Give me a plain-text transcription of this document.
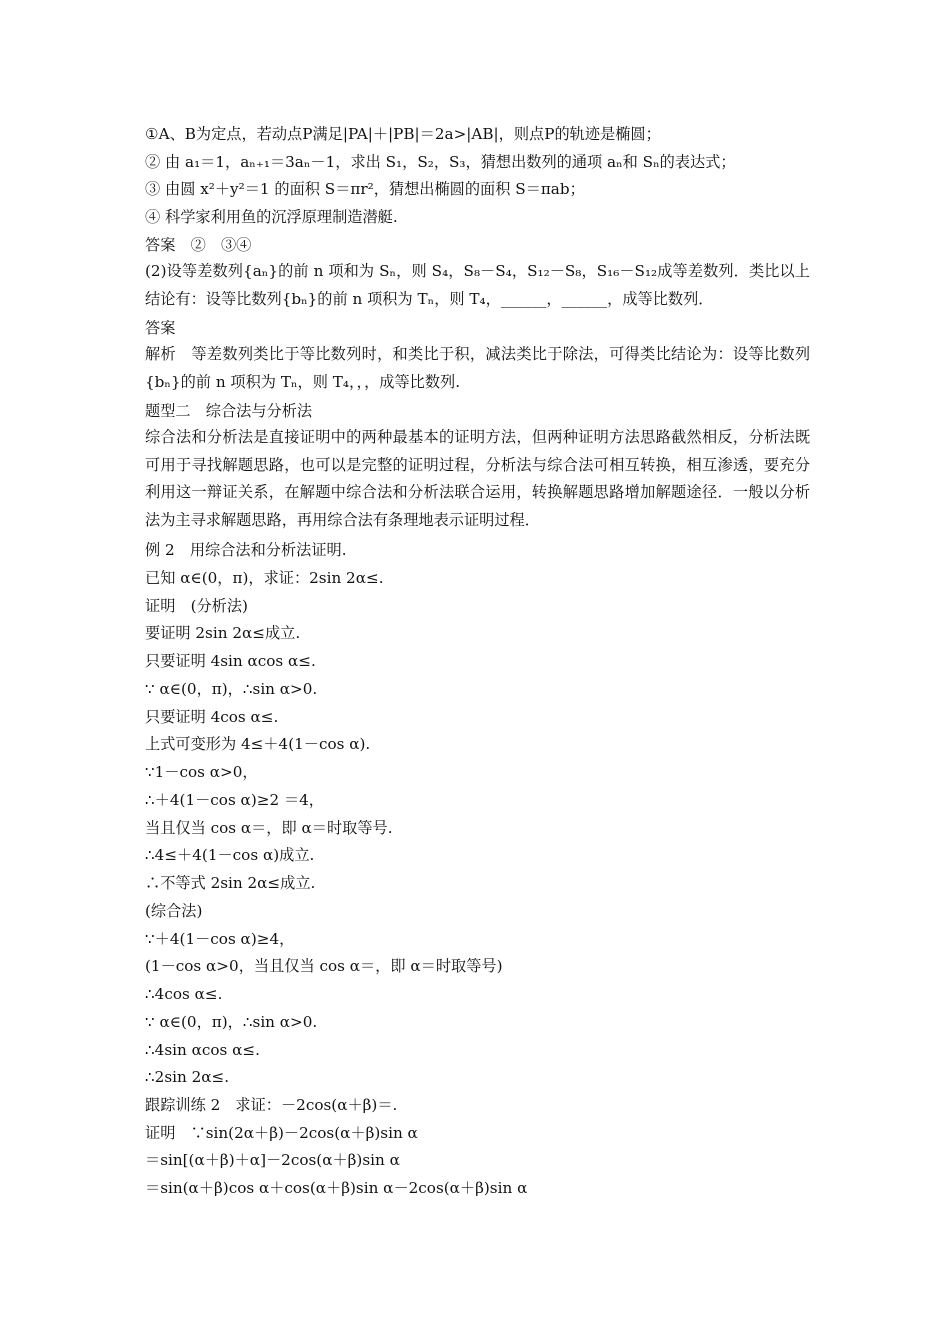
①A、B为定点，若动点P满足|PA|＋|PB|＝2a>|AB|，则点P的轨迹是椭圆；
② 由 a₁＝1，aₙ₊₁＝3aₙ－1，求出 S₁，S₂，S₃，猜想出数列的通项 aₙ和 Sₙ的表达式；
③ 由圆 x²＋y²＝1 的面积 S＝πr²，猜想出椭圆的面积 S＝πab；
④ 科学家利用鱼的沉浮原理制造潜艇.
答案　②　③④
(2)设等差数列{aₙ}的前 n 项和为 Sₙ，则 S₄，S₈－S₄，S₁₂－S₈，S₁₆－S₁₂成等差数列．类比以上结论有：设等比数列{bₙ}的前 n 项积为 Tₙ，则 T₄，______，______，成等比数列．
答案
解析　等差数列类比于等比数列时，和类比于积，减法类比于除法，可得类比结论为：设等比数列{bₙ}的前 n 项积为 Tₙ，则 T₄，，，成等比数列.
题型二　综合法与分析法
综合法和分析法是直接证明中的两种最基本的证明方法，但两种证明方法思路截然相反，分析法既可用于寻找解题思路，也可以是完整的证明过程，分析法与综合法可相互转换，相互渗透，要充分利用这一辩证关系，在解题中综合法和分析法联合运用，转换解题思路增加解题途径．一般以分析法为主寻求解题思路，再用综合法有条理地表示证明过程．
例 2　用综合法和分析法证明.
已知 α∈(0，π)，求证：2sin 2α≤.
证明　(分析法)
要证明 2sin 2α≤成立.
只要证明 4sin αcos α≤.
∵ α∈(0，π)，∴sin α>0.
只要证明 4cos α≤.
上式可变形为 4≤＋4(1－cos α).
∵1－cos α>0，
∴＋4(1－cos α)≥2 ＝4，
当且仅当 cos α＝，即 α＝时取等号.
∴4≤＋4(1－cos α)成立.
∴不等式 2sin 2α≤成立.
(综合法)
∵＋4(1－cos α)≥4，
(1－cos α>0，当且仅当 cos α＝，即 α＝时取等号)
∴4cos α≤.
∵ α∈(0，π)，∴sin α>0.
∴4sin αcos α≤.
∴2sin 2α≤.
跟踪训练 2　求证：－2cos(α＋β)＝.
证明　∵sin(2α＋β)－2cos(α＋β)sin α
＝sin[(α＋β)＋α]－2cos(α＋β)sin α
＝sin(α＋β)cos α＋cos(α＋β)sin α－2cos(α＋β)sin α
